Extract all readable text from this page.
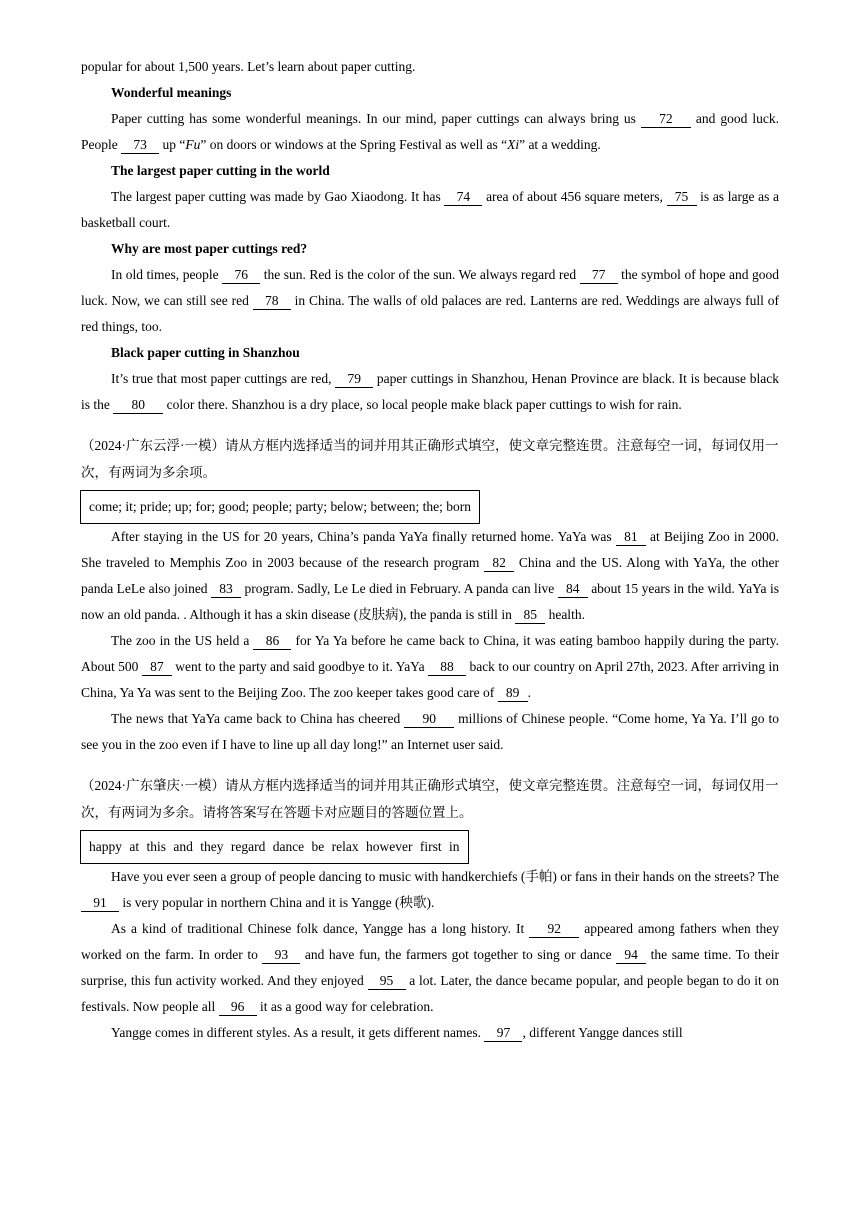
popular for about 1,500 years. Let’s learn about paper cutting.

Wonderful meanings

Paper cutting has some wonderful meanings. In our mind, paper cuttings can always bring us 72 and good luck. People 73 up “Fu” on doors or windows at the Spring Festival as well as “Xi” at a wedding.

The largest paper cutting in the world

The largest paper cutting was made by Gao Xiaodong. It has 74 area of about 456 square meters, 75 is as large as a basketball court.

Why are most paper cuttings red?

In old times, people 76 the sun. Red is the color of the sun. We always regard red 77 the symbol of hope and good luck. Now, we can still see red 78 in China. The walls of old palaces are red. Lanterns are red. Weddings are always full of red things, too.

Black paper cutting in Shanzhou

It’s true that most paper cuttings are red, 79 paper cuttings in Shanzhou, Henan Province are black. It is because black is the 80 color there. Shanzhou is a dry place, so local people make black paper cuttings to wish for rain.

（2024·广东云浮·一模）请从方框内选择适当的词并用其正确形式填空，使文章完整连贯。注意每空一词，每词仅用一次，有两词为多余项。

come; it; pride; up; for; good; people; party; below; between; the; born

After staying in the US for 20 years, China’s panda YaYa finally returned home. YaYa was 81 at Beijing Zoo in 2000. She traveled to Memphis Zoo in 2003 because of the research program 82 China and the US. Along with YaYa, the other panda LeLe also joined 83 program. Sadly, Le Le died in February. A panda can live 84 about 15 years in the wild. YaYa is now an old panda. . Although it has a skin disease (皮肤病), the panda is still in 85 health.

The zoo in the US held a 86 for Ya Ya before he came back to China, it was eating bamboo happily during the party. About 500 87 went to the party and said goodbye to it. YaYa 88 back to our country on April 27th, 2023. After arriving in China, Ya Ya was sent to the Beijing Zoo. The zoo keeper takes good care of 89 .

The news that YaYa came back to China has cheered 90 millions of Chinese people. “Come home, Ya Ya. I’ll go to see you in the zoo even if I have to line up all day long!” an Internet user said.

（2024·广东肇庆·一模）请从方框内选择适当的词并用其正确形式填空，使文章完整连贯。注意每空一词，每词仅用一次，有两词为多余。请将答案写在答题卡对应题目的答题位置上。

happy at this and they regard dance be relax however first in

Have you ever seen a group of people dancing to music with handkerchiefs (手帕) or fans in their hands on the streets? The 91 is very popular in northern China and it is Yangge (秧歌).

As a kind of traditional Chinese folk dance, Yangge has a long history. It 92 appeared among fathers when they worked on the farm. In order to 93 and have fun, the farmers got together to sing or dance 94 the same time. To their surprise, this fun activity worked. And they enjoyed 95 a lot. Later, the dance became popular, and people began to do it on festivals. Now people all 96 it as a good way for celebration.

Yangge comes in different styles. As a result, it gets different names. 97 , different Yangge dances still
